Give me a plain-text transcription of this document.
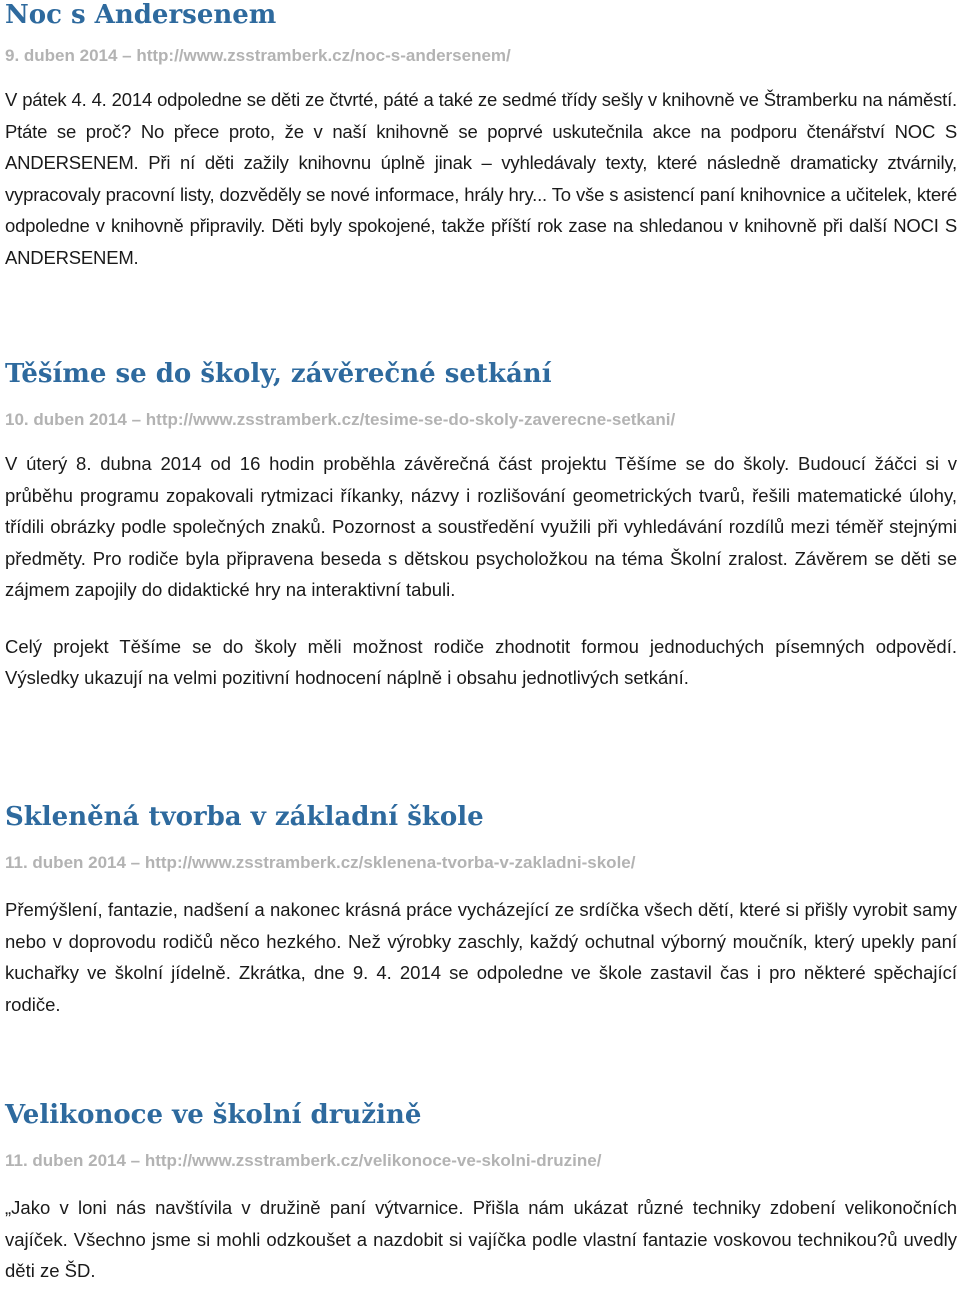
Noc s Andersenem
9. duben 2014 – http://www.zsstramberk.cz/noc-s-andersenem/

V pátek 4. 4. 2014 odpoledne se děti ze čtvrté, páté a také ze sedmé třídy sešly v knihovně ve Štramberku na náměstí. Ptáte se proč? No přece proto, že v naší knihovně se poprvé uskutečnila akce na podporu čtenářství NOC S ANDERSENEM. Při ní děti zažily knihovnu úplně jinak – vyhledávaly texty, které následně dramaticky ztvárnily, vypracovaly pracovní listy, dozvěděly se nové informace, hrály hry... To vše s asistencí paní knihovnice a učitelek, které odpoledne v knihovně připravily. Děti byly spokojené, takže příští rok zase na shledanou v knihovně při další NOCI S ANDERSENEM.

Těšíme se do školy, závěrečné setkání
10. duben 2014 – http://www.zsstramberk.cz/tesime-se-do-skoly-zaverecne-setkani/

V úterý 8. dubna 2014 od 16 hodin proběhla závěrečná část projektu Těšíme se do školy. Budoucí žáčci si v průběhu programu zopakovali rytmizaci říkanky, názvy i rozlišování geometrických tvarů, řešili matematické úlohy, třídili obrázky podle společných znaků. Pozornost a soustředění využili při vyhledávání rozdílů mezi téměř stejnými předměty. Pro rodiče byla připravena beseda s dětskou psycholožkou na téma Školní zralost. Závěrem se děti se zájmem zapojily do didaktické hry na interaktivní tabuli.

Celý projekt Těšíme se do školy měli možnost rodiče zhodnotit formou jednoduchých písemných odpovědí. Výsledky ukazují na velmi pozitivní hodnocení náplně i obsahu jednotlivých setkání.

Skleněná tvorba v základní škole
11. duben 2014 – http://www.zsstramberk.cz/sklenena-tvorba-v-zakladni-skole/

Přemýšlení, fantazie, nadšení a nakonec krásná práce vycházející ze srdíčka všech dětí, které si přišly vyrobit samy nebo v doprovodu rodičů něco hezkého. Než výrobky zaschly, každý ochutnal výborný moučník, který upekly paní kuchařky ve školní jídelně. Zkrátka, dne 9. 4. 2014 se odpoledne ve škole zastavil čas i pro některé spěchající rodiče.

Velikonoce ve školní družině
11. duben 2014 – http://www.zsstramberk.cz/velikonoce-ve-skolni-druzine/

„Jako v loni nás navštívila v družině paní výtvarnice. Přišla nám ukázat různé techniky zdobení velikonočních vajíček. Všechno jsme si mohli odzkoušet a nazdobit si vajíčka podle vlastní fantazie voskovou technikou?ů uvedly děti ze ŠD.
